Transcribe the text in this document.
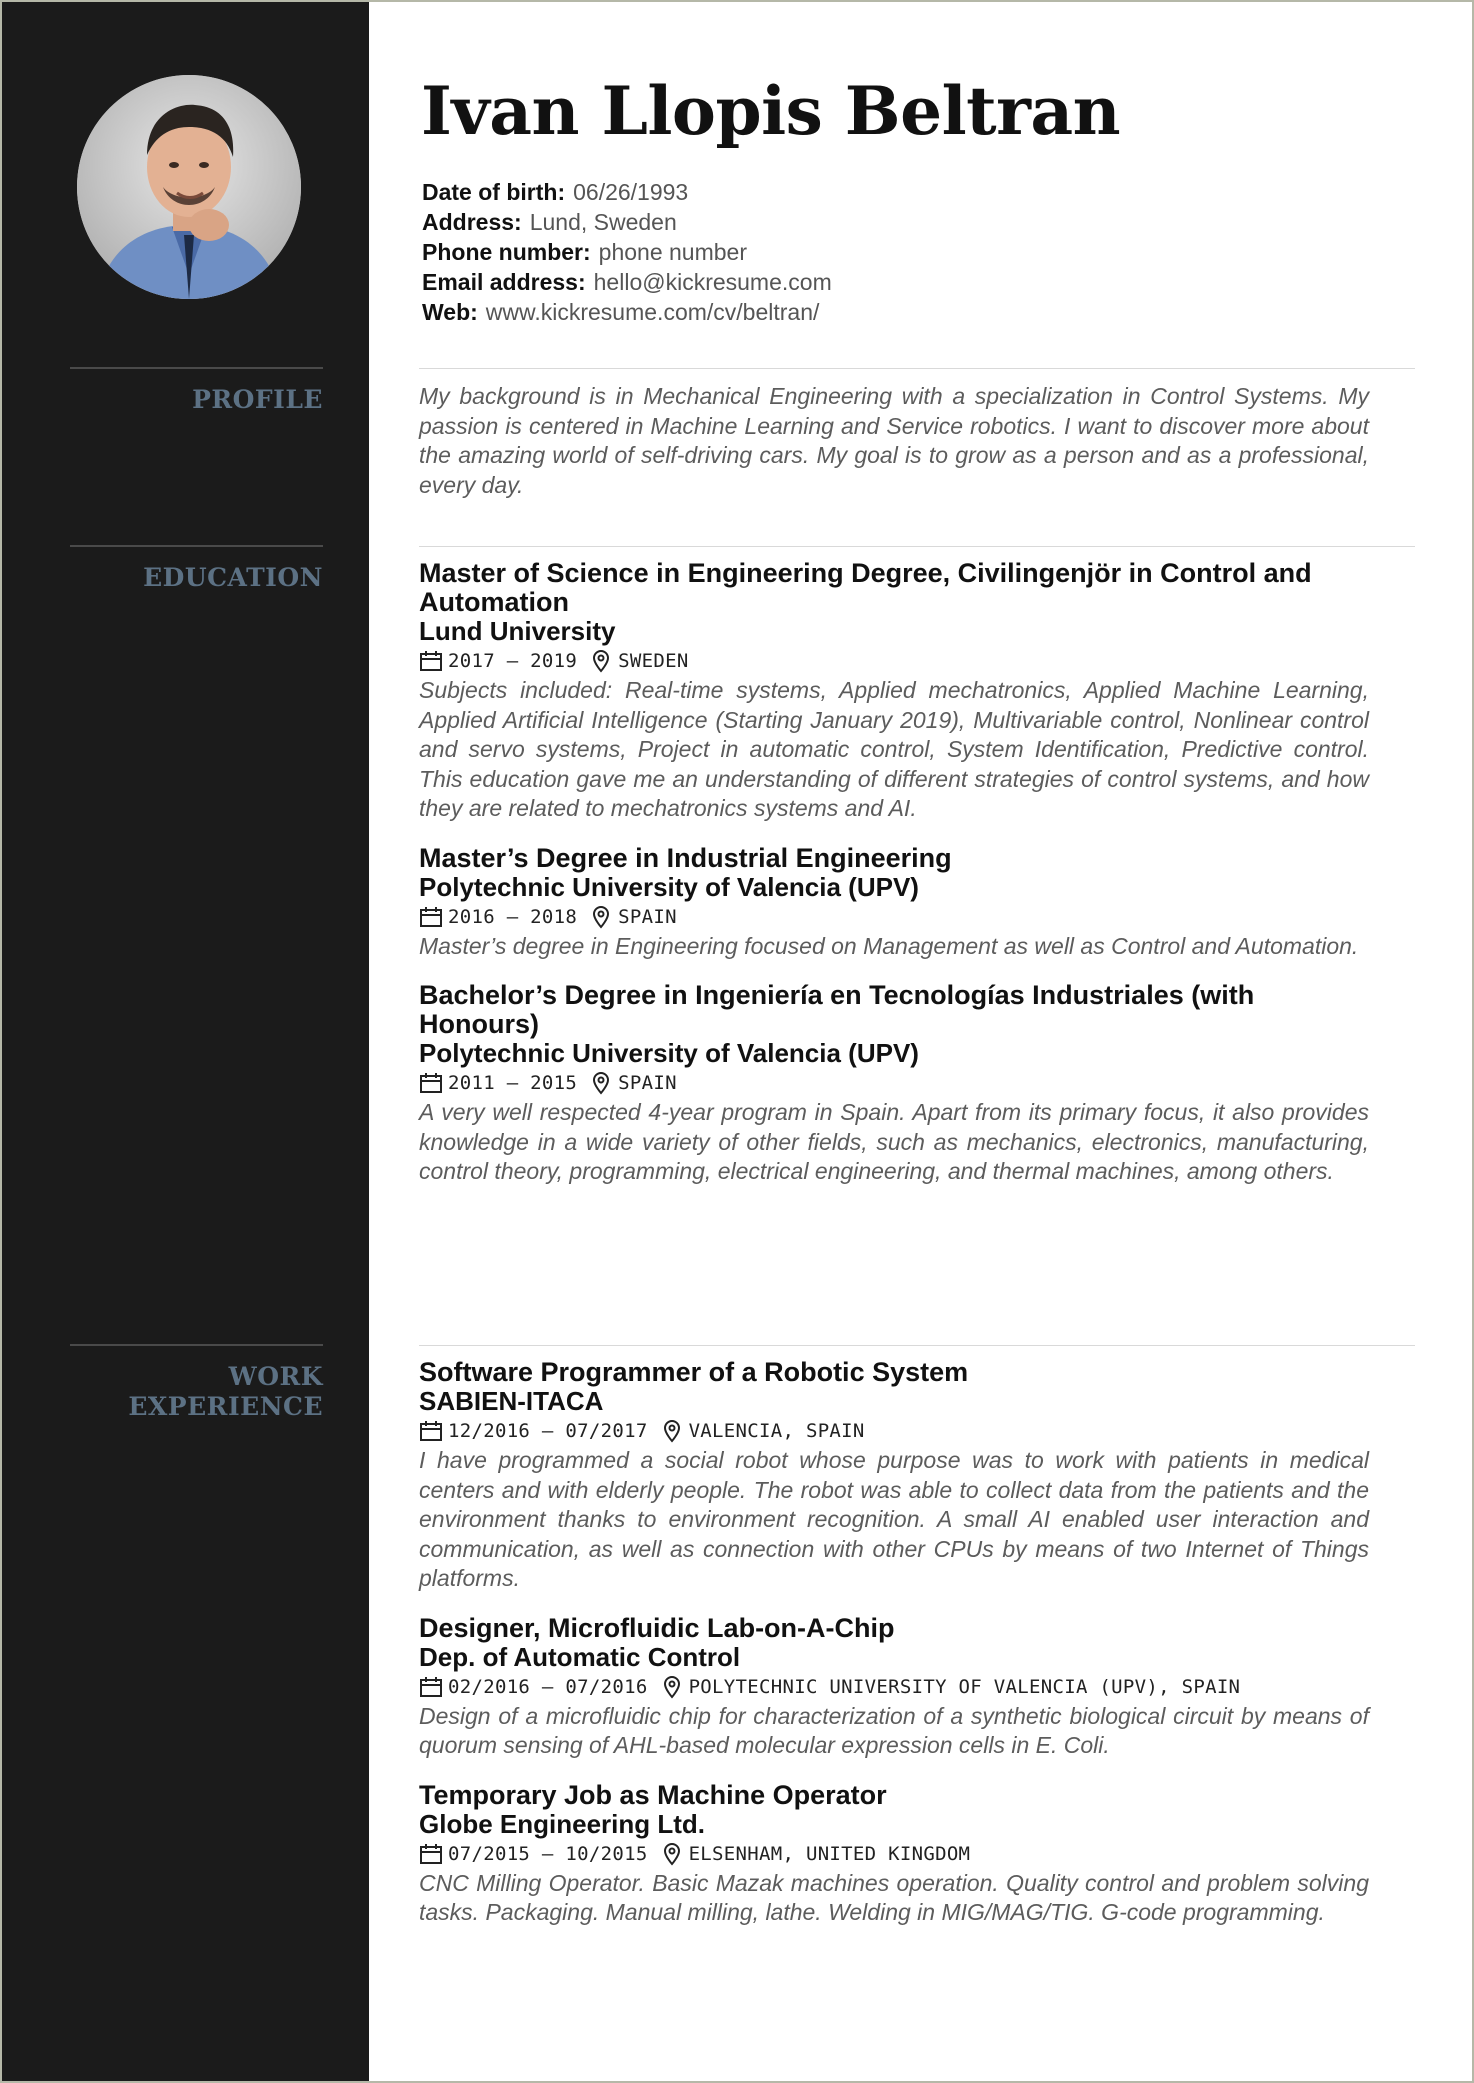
PROFILE
EDUCATION
WORK
EXPERIENCE
Ivan Llopis Beltran
Date of birth: 06/26/1993
Address: Lund, Sweden
Phone number: phone number
Email address: hello@kickresume.com
Web: www.kickresume.com/cv/beltran/

My background is in Mechanical Engineering with a specialization in Control Systems. My passion is centered in Machine Learning and Service robotics. I want to discover more about the amazing world of self-driving cars. My goal is to grow as a person and as a professional, every day.

Master of Science in Engineering Degree, Civilingenjör in Control and Automation
Lund University
2017 – 2019 SWEDEN

Subjects included: Real-time systems, Applied mechatronics, Applied Machine Learning, Applied Artificial Intelligence (Starting January 2019), Multivariable control, Nonlinear control and servo systems, Project in automatic control, System Identification, Predictive control. This education gave me an understanding of different strategies of control systems, and how they are related to mechatronics systems and AI.

Master’s Degree in Industrial Engineering
Polytechnic University of Valencia (UPV)
2016 – 2018 SPAIN

Master’s degree in Engineering focused on Management as well as Control and Automation.

Bachelor’s Degree in Ingeniería en Tecnologías Industriales (with Honours)
Polytechnic University of Valencia (UPV)
2011 – 2015 SPAIN

A very well respected 4-year program in Spain. Apart from its primary focus, it also provides knowledge in a wide variety of other fields, such as mechanics, electronics, manufacturing, control theory, programming, electrical engineering, and thermal machines, among others.

Software Programmer of a Robotic System
SABIEN-ITACA
12/2016 – 07/2017 VALENCIA, SPAIN

I have programmed a social robot whose purpose was to work with patients in medical centers and with elderly people. The robot was able to collect data from the patients and the environment thanks to environment recognition. A small AI enabled user interaction and communication, as well as connection with other CPUs by means of two Internet of Things platforms.

Designer, Microfluidic Lab-on-A-Chip
Dep. of Automatic Control
02/2016 – 07/2016 POLYTECHNIC UNIVERSITY OF VALENCIA (UPV), SPAIN

Design of a microfluidic chip for characterization of a synthetic biological circuit by means of quorum sensing of AHL-based molecular expression cells in E. Coli.

Temporary Job as Machine Operator
Globe Engineering Ltd.
07/2015 – 10/2015 ELSENHAM, UNITED KINGDOM

CNC Milling Operator. Basic Mazak machines operation. Quality control and problem solving tasks. Packaging. Manual milling, lathe. Welding in MIG/MAG/TIG. G-code programming.
